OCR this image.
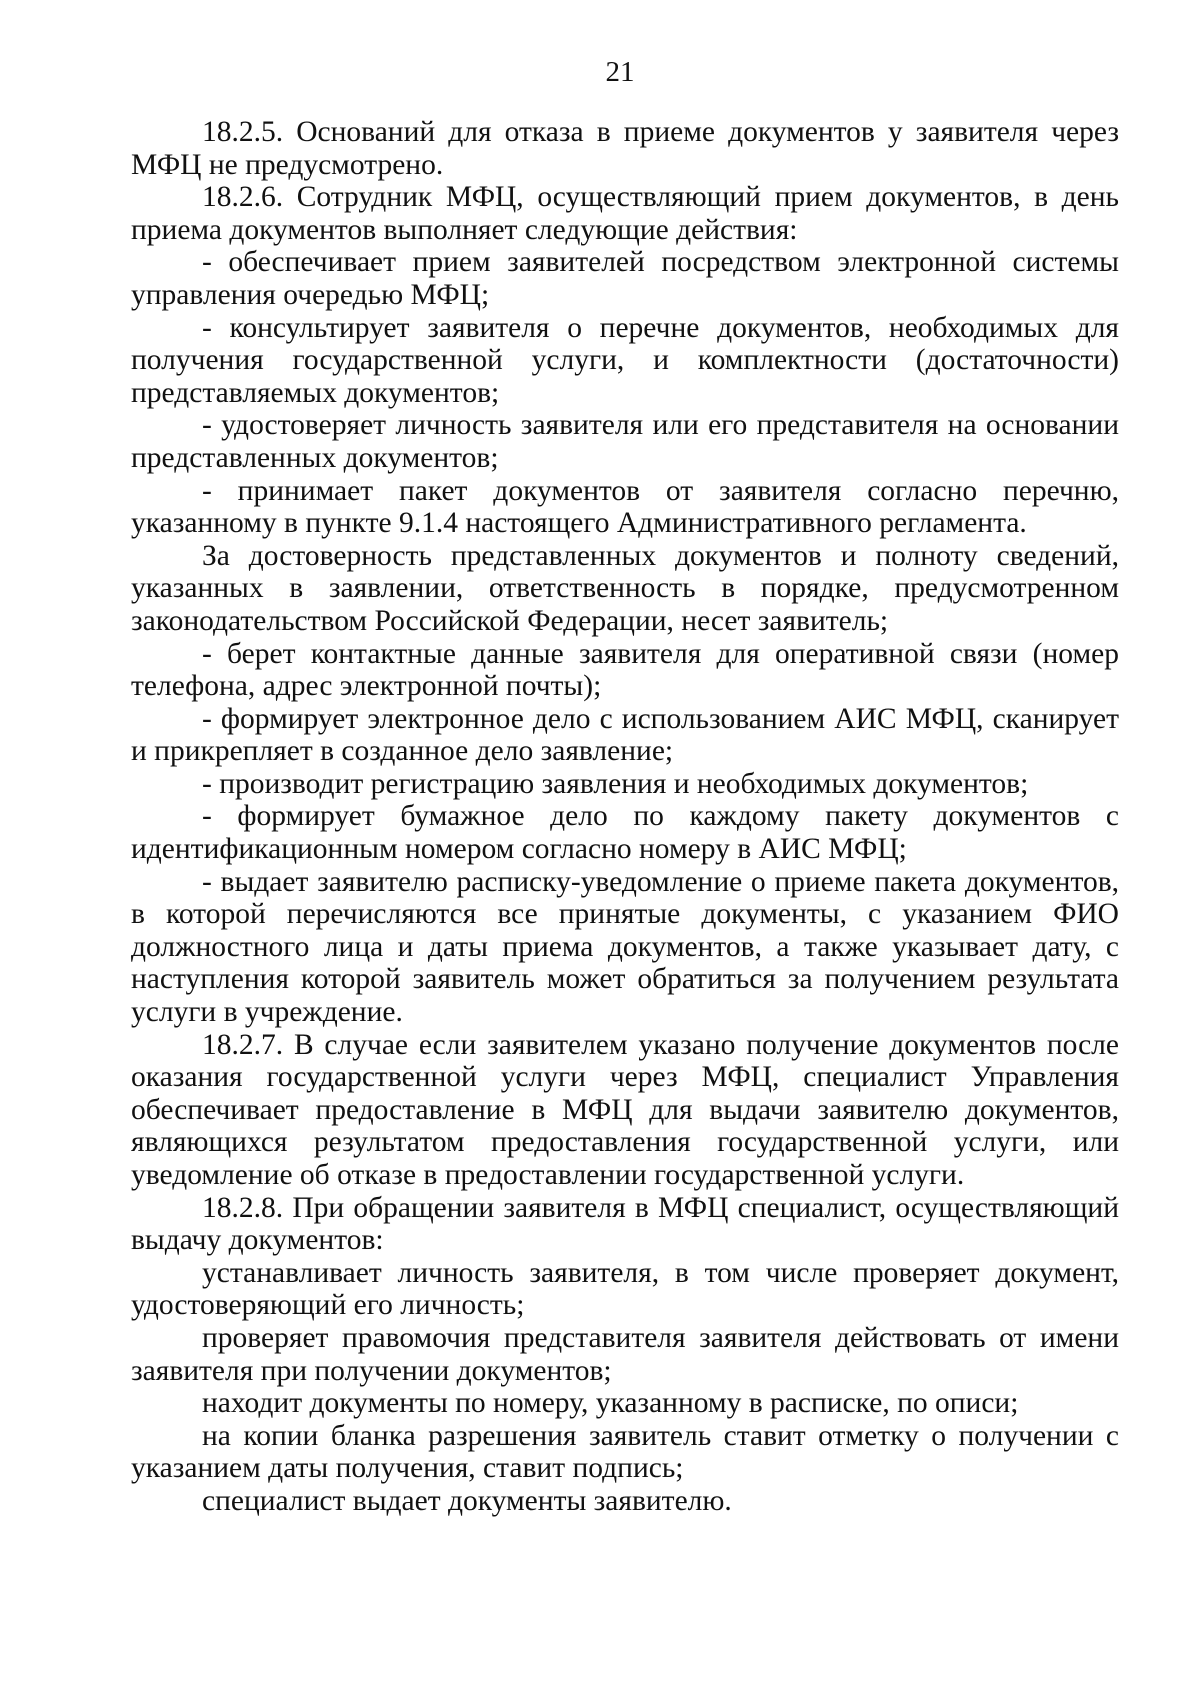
21

18.2.5. Оснований для отказа в приеме документов у заявителя через МФЦ не предусмотрено.

18.2.6. Сотрудник МФЦ, осуществляющий прием документов, в день приема документов выполняет следующие действия:

- обеспечивает прием заявителей посредством электронной системы управления очередью МФЦ;

- консультирует заявителя о перечне документов, необходимых для получения государственной услуги, и комплектности (достаточности) представляемых документов;

- удостоверяет личность заявителя или его представителя на основании представленных документов;

- принимает пакет документов от заявителя согласно перечню, указанному в пункте 9.1.4 настоящего Административного регламента.

За достоверность представленных документов и полноту сведений, указанных в заявлении, ответственность в порядке, предусмотренном законодательством Российской Федерации, несет заявитель;

- берет контактные данные заявителя для оперативной связи (номер телефона, адрес электронной почты);

- формирует электронное дело с использованием АИС МФЦ, сканирует и прикрепляет в созданное дело заявление;

- производит регистрацию заявления и необходимых документов;

- формирует бумажное дело по каждому пакету документов с идентификационным номером согласно номеру в АИС МФЦ;

- выдает заявителю расписку-уведомление о приеме пакета документов, в которой перечисляются все принятые документы, с указанием ФИО должностного лица и даты приема документов, а также указывает дату, с наступления которой заявитель может обратиться за получением результата услуги в учреждение.

18.2.7. В случае если заявителем указано получение документов после оказания государственной услуги через МФЦ, специалист Управления обеспечивает предоставление в МФЦ для выдачи заявителю документов, являющихся результатом предоставления государственной услуги, или уведомление об отказе в предоставлении государственной услуги.

18.2.8. При обращении заявителя в МФЦ специалист, осуществляющий выдачу документов:

устанавливает личность заявителя, в том числе проверяет документ, удостоверяющий его личность;

проверяет правомочия представителя заявителя действовать от имени заявителя при получении документов;

находит документы по номеру, указанному в расписке, по описи;

на копии бланка разрешения заявитель ставит отметку о получении с указанием даты получения, ставит подпись;

специалист выдает документы заявителю.
